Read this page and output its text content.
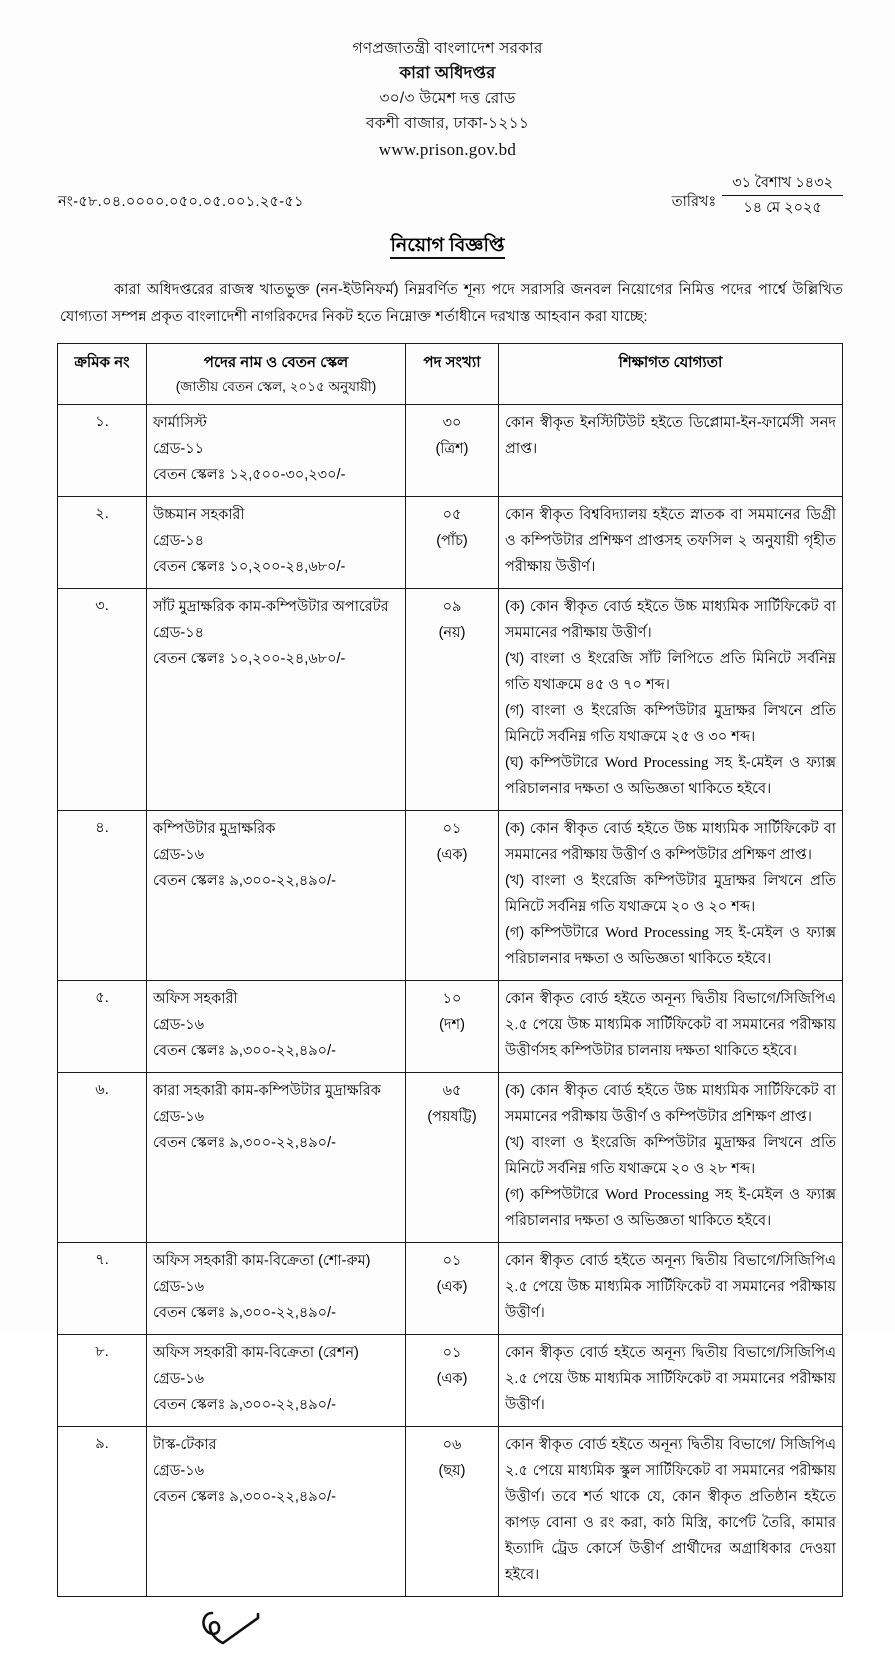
গণপ্রজাতন্ত্রী বাংলাদেশ সরকার
কারা অধিদপ্তর
৩০/৩ উমেশ দত্ত রোড
বকশী বাজার, ঢাকা-১২১১
www.prison.gov.bd
নং-৫৮.০৪.০০০০.০৫০.০৫.০০১.২৫-৫১	তারিখঃ $\frac{\text{৩১ বৈশাখ ১৪৩২}}{\text{১৪ মে ২০২৫}}$
নিয়োগ বিজ্ঞপ্তি
কারা অধিদপ্তরের রাজস্ব খাতভুক্ত (নন-ইউনিফর্ম) নিম্নবর্ণিত শূন্য পদে সরাসরি জনবল নিয়োগের নিমিত্ত পদের পার্শ্বে উল্লিখিত যোগ্যতা সম্পন্ন প্রকৃত বাংলাদেশী নাগরিকদের নিকট হতে নিম্নোক্ত শর্তাধীনে দরখাস্ত আহবান করা যাচ্ছে:
ক্রমিক নং	পদের নাম ও বেতন স্কেল
(জাতীয় বেতন স্কেল, ২০১৫ অনুযায়ী)	পদ সংখ্যা	শিক্ষাগত যোগ্যতা
১.	ফার্মাসিস্ট
গ্রেড-১১
বেতন স্কেলঃ ১২,৫০০-৩০,২৩০/-	৩০
(ত্রিশ)	কোন স্বীকৃত ইনস্টিটিউট হইতে ডিপ্লোমা-ইন-ফার্মেসী সনদ প্রাপ্ত।

২.	উচ্চমান সহকারী
গ্রেড-১৪
বেতন স্কেলঃ ১০,২০০-২৪,৬৮০/-	০৫
(পাঁচ)	কোন স্বীকৃত বিশ্ববিদ্যালয় হইতে স্নাতক বা সমমানের ডিগ্রী ও কম্পিউটার প্রশিক্ষণ প্রাপ্তসহ তফসিল ২ অনুযায়ী গৃহীত পরীক্ষায় উত্তীর্ণ।

৩.	সাঁট মুদ্রাক্ষরিক কাম-কম্পিউটার অপারেটর
গ্রেড-১৪
বেতন স্কেলঃ ১০,২০০-২৪,৬৮০/-
	০৯
(নয়)

(ক) কোন স্বীকৃত বোর্ড হইতে উচ্চ মাধ্যমিক সার্টিফিকেট বা সমমানের পরীক্ষায় উত্তীর্ণ।

(খ) বাংলা ও ইংরেজি সাঁট লিপিতে প্রতি মিনিটে সর্বনিম্ন গতি যথাক্রমে ৪৫ ও ৭০ শব্দ।

(গ) বাংলা ও ইংরেজি কম্পিউটার মুদ্রাক্ষর লিখনে প্রতি মিনিটে সর্বনিম্ন গতি যথাক্রমে ২৫ ও ৩০ শব্দ।

(ঘ) কম্পিউটারে Word Processing সহ ই-মেইল ও ফ্যাক্স পরিচালনার দক্ষতা ও অভিজ্ঞতা থাকিতে হইবে।

৪.	কম্পিউটার মুদ্রাক্ষরিক
গ্রেড-১৬
বেতন স্কেলঃ ৯,৩০০-২২,৪৯০/-
	০১
(এক)

(ক) কোন স্বীকৃত বোর্ড হইতে উচ্চ মাধ্যমিক সার্টিফিকেট বা সমমানের পরীক্ষায় উত্তীর্ণ ও কম্পিউটার প্রশিক্ষণ প্রাপ্ত।

(খ) বাংলা ও ইংরেজি কম্পিউটার মুদ্রাক্ষর লিখনে প্রতি মিনিটে সর্বনিম্ন গতি যথাক্রমে ২০ ও ২০ শব্দ।

(গ) কম্পিউটারে Word Processing সহ ই-মেইল ও ফ্যাক্স পরিচালনার দক্ষতা ও অভিজ্ঞতা থাকিতে হইবে।

৫.	অফিস সহকারী
গ্রেড-১৬
বেতন স্কেলঃ ৯,৩০০-২২,৪৯০/-	১০
(দশ)	কোন স্বীকৃত বোর্ড হইতে অনূন্য দ্বিতীয় বিভাগে/সিজিপিএ ২.৫ পেয়ে উচ্চ মাধ্যমিক সার্টিফিকেট বা সমমানের পরীক্ষায় উত্তীর্ণসহ কম্পিউটার চালনায় দক্ষতা থাকিতে হইবে।

৬.	কারা সহকারী কাম-কম্পিউটার মুদ্রাক্ষরিক
গ্রেড-১৬
বেতন স্কেলঃ ৯,৩০০-২২,৪৯০/-
	৬৫
(পয়ষট্টি)

(ক) কোন স্বীকৃত বোর্ড হইতে উচ্চ মাধ্যমিক সার্টিফিকেট বা সমমানের পরীক্ষায় উত্তীর্ণ ও কম্পিউটার প্রশিক্ষণ প্রাপ্ত।

(খ) বাংলা ও ইংরেজি কম্পিউটার মুদ্রাক্ষর লিখনে প্রতি মিনিটে সর্বনিম্ন গতি যথাক্রমে ২০ ও ২৮ শব্দ।

(গ) কম্পিউটারে Word Processing সহ ই-মেইল ও ফ্যাক্স পরিচালনার দক্ষতা ও অভিজ্ঞতা থাকিতে হইবে।

৭.	অফিস সহকারী কাম-বিক্রেতা (শো-রুম)
গ্রেড-১৬
বেতন স্কেলঃ ৯,৩০০-২২,৪৯০/-	০১
(এক)	কোন স্বীকৃত বোর্ড হইতে অনূন্য দ্বিতীয় বিভাগে/সিজিপিএ ২.৫ পেয়ে উচ্চ মাধ্যমিক সার্টিফিকেট বা সমমানের পরীক্ষায় উত্তীর্ণ।

৮.	অফিস সহকারী কাম-বিক্রেতা (রেশন)
গ্রেড-১৬
বেতন স্কেলঃ ৯,৩০০-২২,৪৯০/-	০১
(এক)	কোন স্বীকৃত বোর্ড হইতে অনূন্য দ্বিতীয় বিভাগে/সিজিপিএ ২.৫ পেয়ে উচ্চ মাধ্যমিক সার্টিফিকেট বা সমমানের পরীক্ষায় উত্তীর্ণ।

৯.	টাস্ক-টেকার
গ্রেড-১৬
বেতন স্কেলঃ ৯,৩০০-২২,৪৯০/-
	০৬
(ছয়)

কোন স্বীকৃত বোর্ড হইতে অনূন্য দ্বিতীয় বিভাগে/ সিজিপিএ ২.৫ পেয়ে মাধ্যমিক স্কুল সার্টিফিকেট বা সমমানের পরীক্ষায় উত্তীর্ণ। তবে শর্ত থাকে যে, কোন স্বীকৃত প্রতিষ্ঠান হইতে কাপড় বোনা ও রং করা, কাঠ মিস্ত্রি, কার্পেট তৈরি, কামার ইত্যাদি ট্রেড কোর্সে উত্তীর্ণ প্রার্থীদের অগ্রাধিকার দেওয়া হইবে।
